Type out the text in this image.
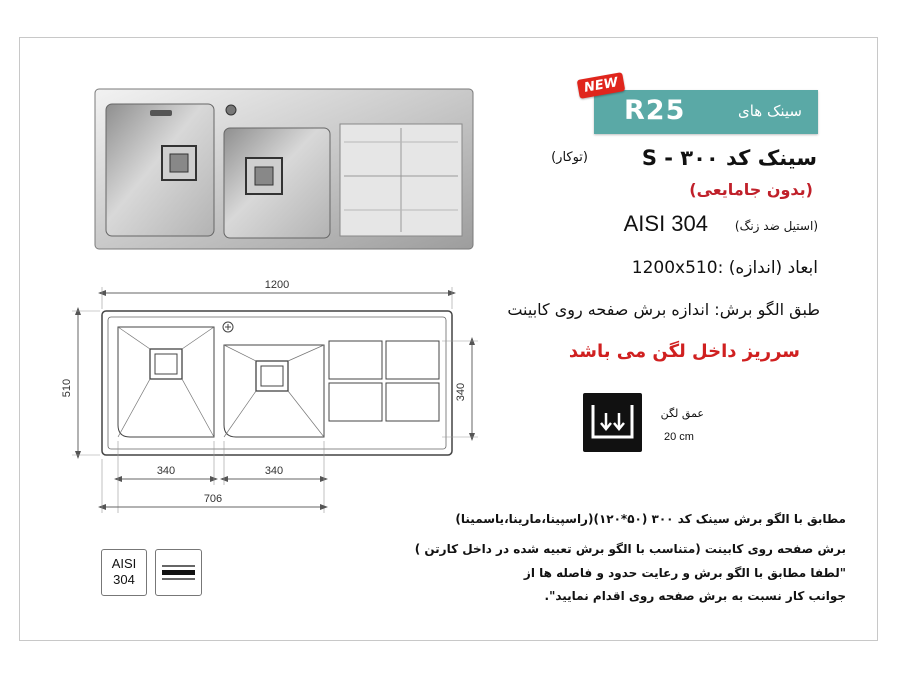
R25	سینک های
NEW
سینک کد S - ۳۰۰
(توکار)
(بدون جامایعی)
AISI 304 (استیل ضد زنگ)
1200x510: ابعاد (اندازه)
طبق الگو برش: اندازه برش صفحه روی کابینت
سرریز داخل لگن می باشد
عمق لگن
20 cm
1200
510	340
340	340
706
مطابق با الگو برش سینک کد ۳۰۰ (۵۰*۱۲۰)(راسپینا،مارینا،یاسمینا)
برش صفحه روی کابینت (متناسب با الگو برش تعبیه شده در داخل کارتن )
"لطفا مطابق با الگو برش و رعایت حدود و فاصله ها از
جوانب کار نسبت به برش صفحه روی اقدام نمایید".
AISI
304
